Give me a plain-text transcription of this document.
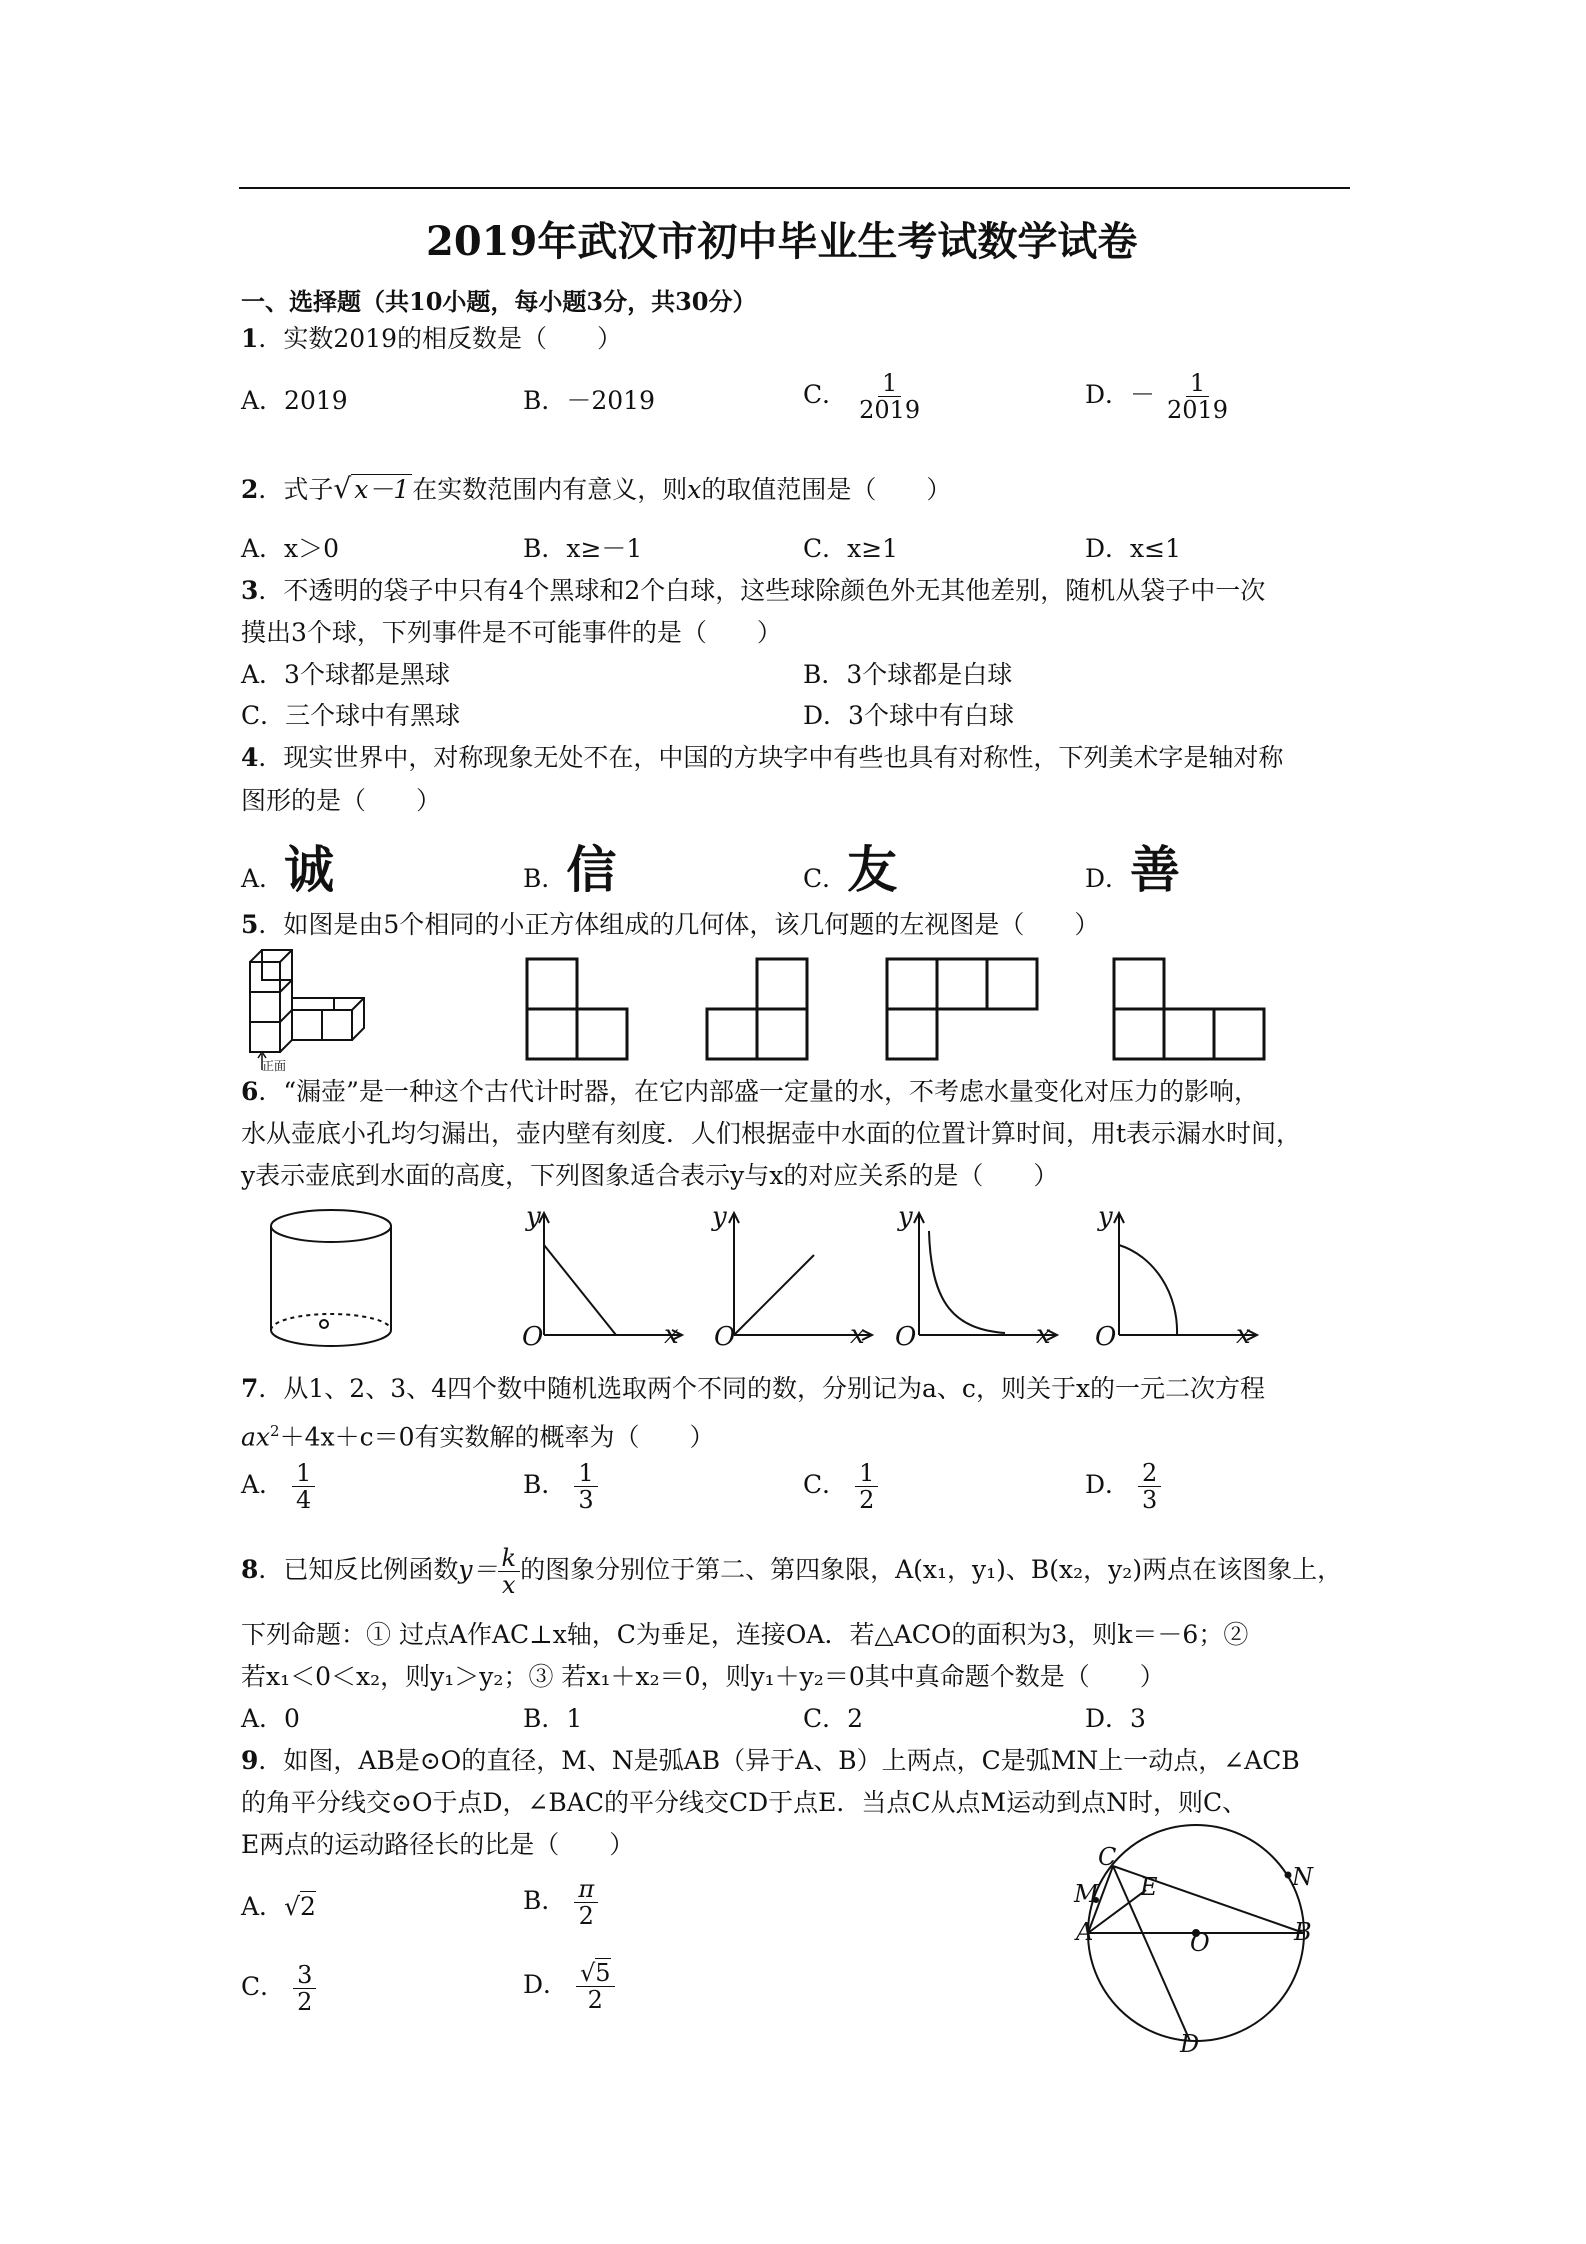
2019年武汉市初中毕业生考试数学试卷
一、选择题（共10小题，每小题3分，共30分）
1．实数2019的相反数是（　　）
A．2019	B．－2019	C． $\frac{1}{2019}$	D．－ $\frac{1}{2019}$
2．式子√ x－1 在实数范围内有意义，则x的取值范围是（　　）
A．x＞0	B．x≥－1	C．x≥1	D．x≤1
3．不透明的袋子中只有4个黑球和2个白球，这些球除颜色外无其他差别，随机从袋子中一次
摸出3个球，下列事件是不可能事件的是（　　）
A．3个球都是黑球	B．3个球都是白球
C．三个球中有黑球	D．3个球中有白球
4．现实世界中，对称现象无处不在，中国的方块字中有些也具有对称性，下列美术字是轴对称
图形的是（　　）
A．诚	B．信	C．友	D．善
5．如图是由5个相同的小正方体组成的几何体，该几何题的左视图是（　　）
正面
6．“漏壶”是一种这个古代计时器，在它内部盛一定量的水，不考虑水量变化对压力的影响，
水从壶底小孔均匀漏出，壶内壁有刻度．人们根据壶中水面的位置计算时间，用t表示漏水时间，
y表示壶底到水面的高度，下列图象适合表示y与x的对应关系的是（　　）
y
O	x
y
O	x
y
O	x
y
O	x
7．从1、2、3、4四个数中随机选取两个不同的数，分别记为a、c，则关于x的一元二次方程
$ax^2+4x+c=0$有实数解的概率为（　　）
A． $\frac{1}{4}$	B． $\frac{1}{3}$	C． $\frac{1}{2}$	D． $\frac{2}{3}$
8．已知反比例函数$y= \frac{k}{x}$ 的图象分别位于第二、第四象限，A(x₁，y₁)、B(x₂，y₂)两点在该图象上，
下列命题：① 过点A作AC⊥x轴，C为垂足，连接OA．若△ACO的面积为3，则k＝－6；②
若x₁＜0＜x₂，则y₁＞y₂；③ 若x₁＋x₂＝0，则y₁＋y₂＝0其中真命题个数是（　　）
A．0	B．1	C．2	D．3
9．如图，AB是⊙O的直径，M、N是弧AB（异于A、B）上两点，C是弧MN上一动点，∠ACB
的角平分线交⊙O于点D，∠BAC的平分线交CD于点E．当点C从点M运动到点N时，则C、
E两点的运动路径长的比是（　　）
A．√2	B． $\frac{\pi}{2}$
C． $\frac{3}{2}$	D． $\frac{√5}{2}$
C
M E	N
A	O	B
D
